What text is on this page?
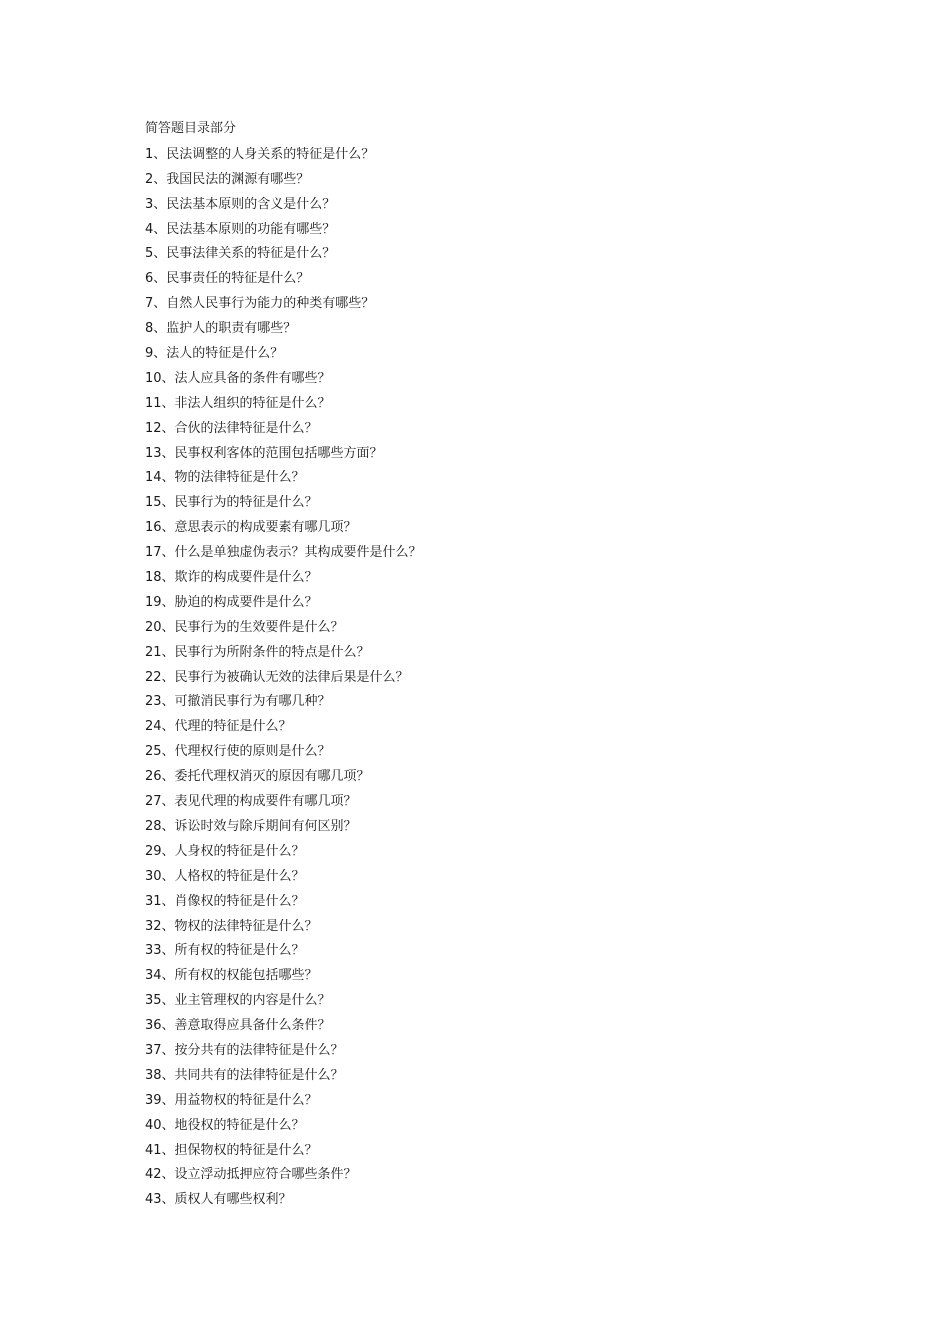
简答题目录部分
1、民法调整的人身关系的特征是什么？
2、我国民法的渊源有哪些？
3、民法基本原则的含义是什么？
4、民法基本原则的功能有哪些？
5、民事法律关系的特征是什么？
6、民事责任的特征是什么？
7、自然人民事行为能力的种类有哪些？
8、监护人的职责有哪些？
9、法人的特征是什么？
10、法人应具备的条件有哪些？
11、非法人组织的特征是什么？
12、合伙的法律特征是什么？
13、民事权利客体的范围包括哪些方面？
14、物的法律特征是什么？
15、民事行为的特征是什么？
16、意思表示的构成要素有哪几项？
17、什么是单独虚伪表示？其构成要件是什么？
18、欺诈的构成要件是什么？
19、胁迫的构成要件是什么？
20、民事行为的生效要件是什么？
21、民事行为所附条件的特点是什么？
22、民事行为被确认无效的法律后果是什么？
23、可撤消民事行为有哪几种？
24、代理的特征是什么？
25、代理权行使的原则是什么？
26、委托代理权消灭的原因有哪几项？
27、表见代理的构成要件有哪几项？
28、诉讼时效与除斥期间有何区别？
29、人身权的特征是什么？
30、人格权的特征是什么？
31、肖像权的特征是什么？
32、物权的法律特征是什么？
33、所有权的特征是什么？
34、所有权的权能包括哪些？
35、业主管理权的内容是什么？
36、善意取得应具备什么条件？
37、按分共有的法律特征是什么？
38、共同共有的法律特征是什么？
39、用益物权的特征是什么？
40、地役权的特征是什么？
41、担保物权的特征是什么？
42、设立浮动抵押应符合哪些条件？
43、质权人有哪些权利？
